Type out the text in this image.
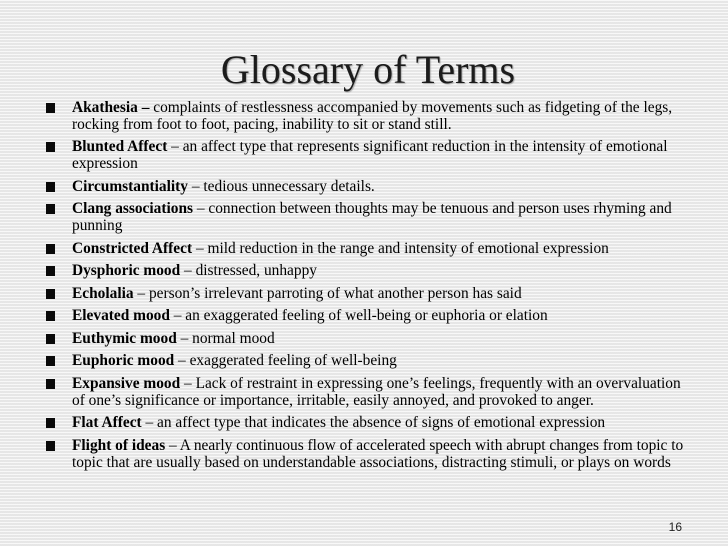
Glossary of Terms
Akathesia – complaints of restlessness accompanied by movements such as fidgeting of the legs, rocking from foot to foot, pacing, inability to sit or stand still.
Blunted Affect – an affect type that represents significant reduction in the intensity of emotional expression
Circumstantiality – tedious unnecessary details.
Clang associations – connection between thoughts may be tenuous and person uses rhyming and punning
Constricted Affect – mild reduction in the range and intensity of emotional expression
Dysphoric mood – distressed, unhappy
Echolalia – person’s irrelevant parroting of what another person has said
Elevated mood – an exaggerated feeling of well-being or euphoria or elation
Euthymic mood – normal mood
Euphoric mood – exaggerated feeling of well-being
Expansive mood – Lack of restraint in expressing one’s feelings, frequently with an overvaluation of one’s significance or importance, irritable, easily annoyed, and provoked to anger.
Flat Affect – an affect type that indicates the absence of signs of emotional expression
Flight of ideas – A nearly continuous flow of accelerated speech with abrupt changes from topic to topic that are usually based on understandable associations, distracting stimuli, or plays on words
16
